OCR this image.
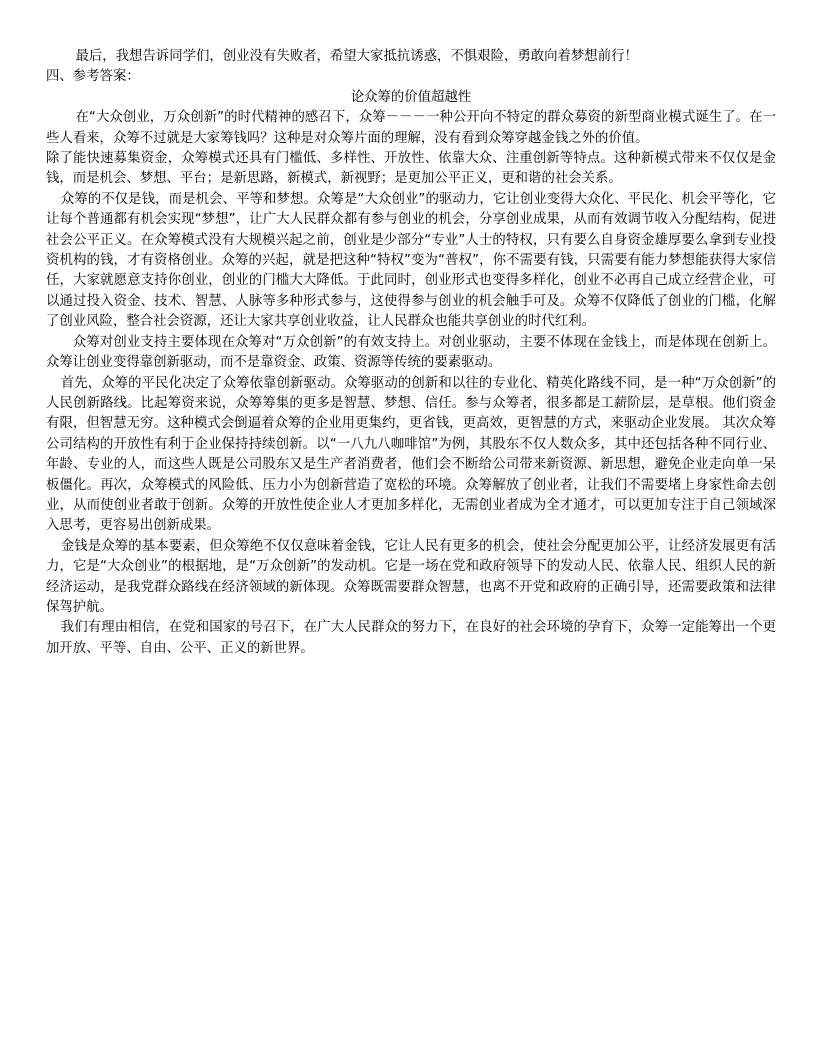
最后，我想告诉同学们，创业没有失败者，希望大家抵抗诱惑，不惧艰险，勇敢向着梦想前行！

四、参考答案：

论众筹的价值超越性

在“大众创业，万众创新”的时代精神的感召下，众筹－－－一种公开向不特定的群众募资的新型商业模式诞生了。在一些人看来，众筹不过就是大家筹钱吗？这种是对众筹片面的理解，没有看到众筹穿越金钱之外的价值。

除了能快速募集资金，众筹模式还具有门槛低、多样性、开放性、依靠大众、注重创新等特点。这种新模式带来不仅仅是金钱，而是机会、梦想、平台；是新思路，新模式，新视野；是更加公平正义，更和谐的社会关系。

众筹的不仅是钱，而是机会、平等和梦想。众筹是“大众创业”的驱动力，它让创业变得大众化、平民化、机会平等化，它让每个普通都有机会实现“梦想”，让广大人民群众都有参与创业的机会，分享创业成果，从而有效调节收入分配结构，促进社会公平正义。在众筹模式没有大规模兴起之前，创业是少部分“专业”人士的特权，只有要么自身资金雄厚要么拿到专业投资机构的钱，才有资格创业。众筹的兴起，就是把这种“特权”变为“普权”，你不需要有钱，只需要有能力梦想能获得大家信任，大家就愿意支持你创业，创业的门槛大大降低。于此同时，创业形式也变得多样化，创业不必再自己成立经营企业，可以通过投入资金、技术、智慧、人脉等多种形式参与，这使得参与创业的机会触手可及。众筹不仅降低了创业的门槛，化解了创业风险，整合社会资源，还让大家共享创业收益，让人民群众也能共享创业的时代红利。

众筹对创业支持主要体现在众筹对“万众创新”的有效支持上。对创业驱动，主要不体现在金钱上，而是体现在创新上。众筹让创业变得靠创新驱动，而不是靠资金、政策、资源等传统的要素驱动。

首先，众筹的平民化决定了众筹依靠创新驱动。众筹驱动的创新和以往的专业化、精英化路线不同，是一种“万众创新”的人民创新路线。比起筹资来说，众筹筹集的更多是智慧、梦想、信任。参与众筹者，很多都是工薪阶层，是草根。他们资金有限，但智慧无穷。这种模式会倒逼着众筹的企业用更集约，更省钱，更高效，更智慧的方式，来驱动企业发展。 其次众筹公司结构的开放性有利于企业保持持续创新。以“一八九八咖啡馆”为例，其股东不仅人数众多，其中还包括各种不同行业、年龄、专业的人，而这些人既是公司股东又是生产者消费者，他们会不断给公司带来新资源、新思想，避免企业走向单一呆板僵化。再次，众筹模式的风险低、压力小为创新营造了宽松的环境。众筹解放了创业者，让我们不需要堵上身家性命去创业，从而使创业者敢于创新。众筹的开放性使企业人才更加多样化，无需创业者成为全才通才，可以更加专注于自己领域深入思考，更容易出创新成果。

金钱是众筹的基本要素，但众筹绝不仅仅意味着金钱，它让人民有更多的机会，使社会分配更加公平，让经济发展更有活力，它是“大众创业”的根据地，是“万众创新”的发动机。它是一场在党和政府领导下的发动人民、依靠人民、组织人民的新经济运动，是我党群众路线在经济领域的新体现。众筹既需要群众智慧，也离不开党和政府的正确引导，还需要政策和法律保驾护航。

我们有理由相信，在党和国家的号召下，在广大人民群众的努力下，在良好的社会环境的孕育下，众筹一定能筹出一个更加开放、平等、自由、公平、正义的新世界。
